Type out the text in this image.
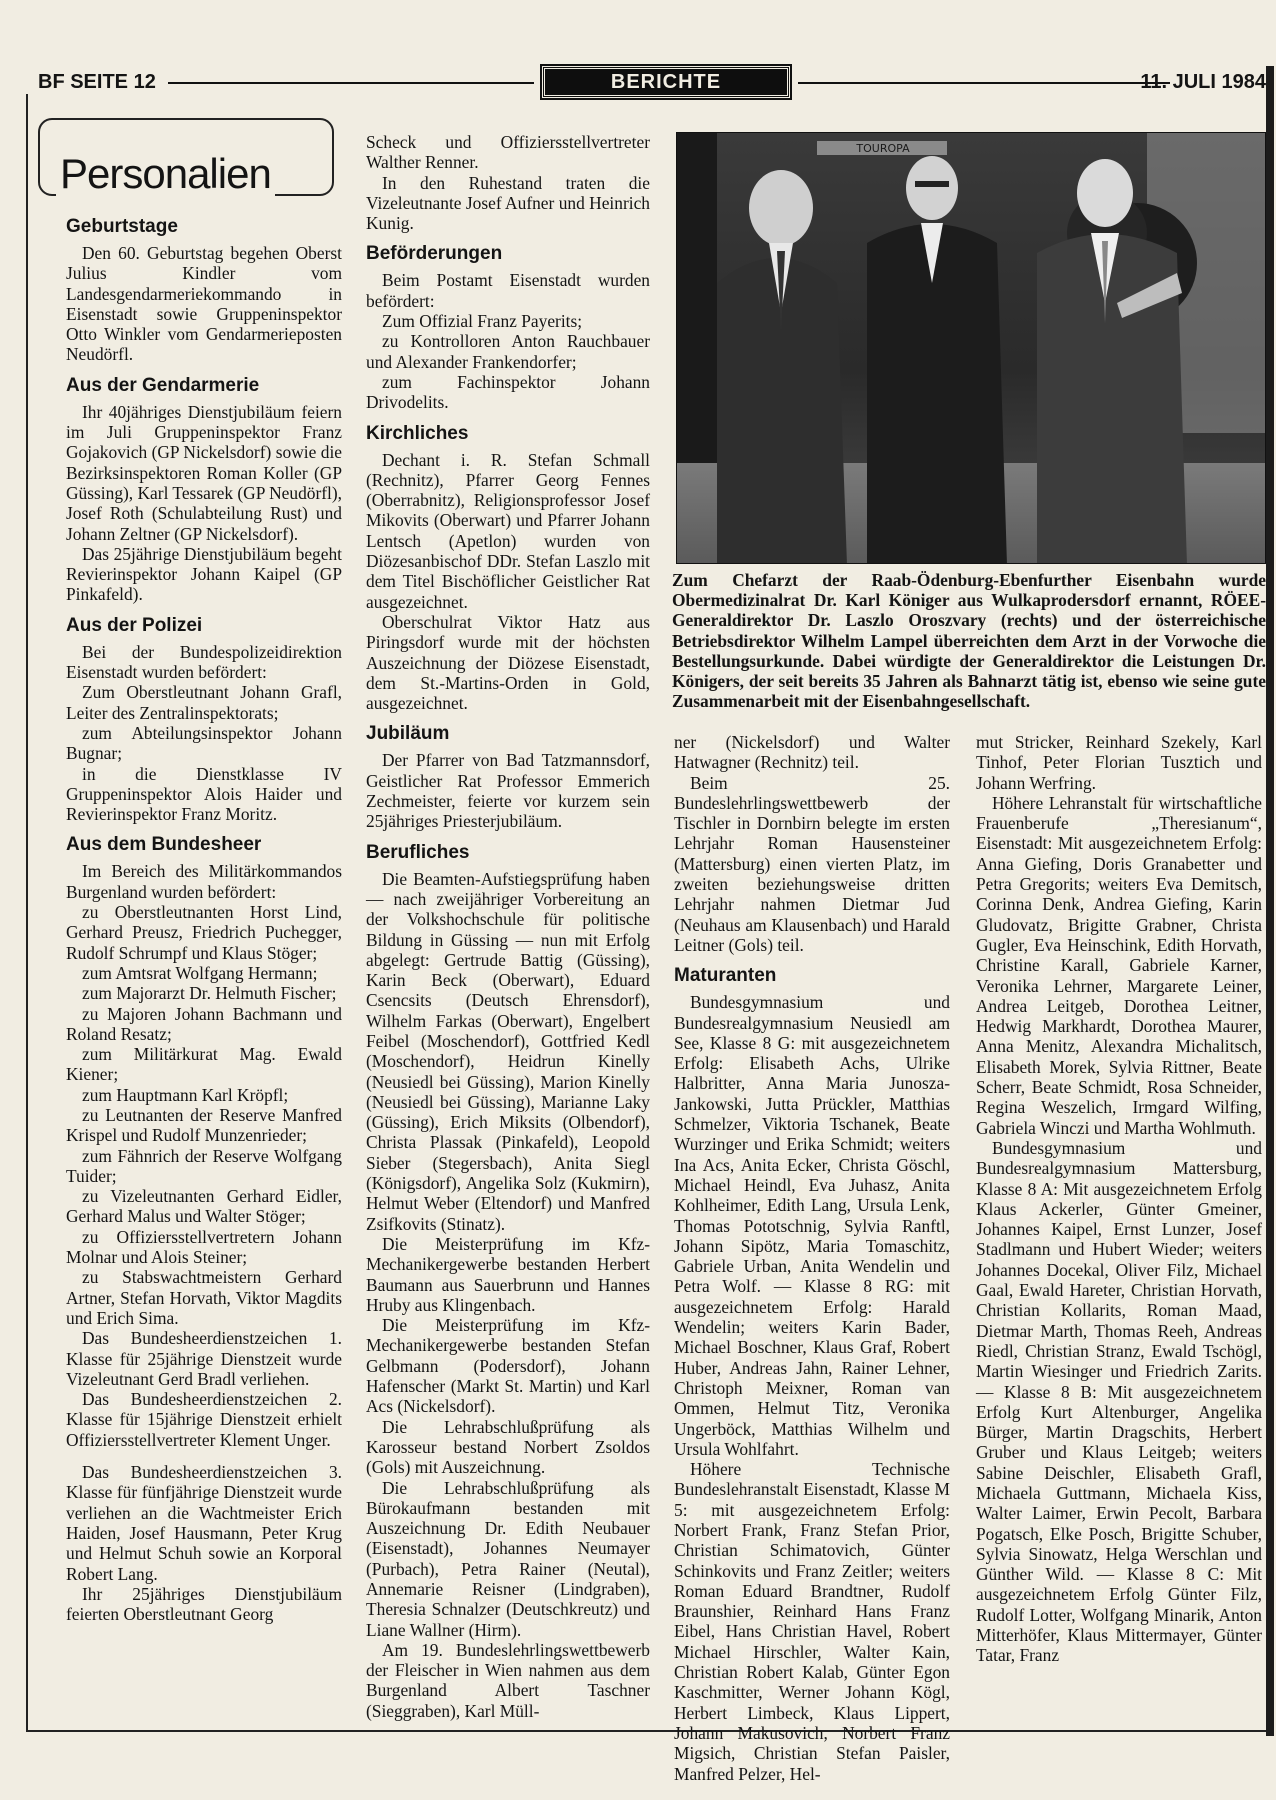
BF SEITE 12	BERICHTE	11. JULI 1984
Personalien
Geburtstage

Den 60. Geburtstag begehen Oberst Julius Kindler vom Landesgendarmeriekommando in Eisenstadt sowie Gruppeninspektor Otto Winkler vom Gendarmerieposten Neudörfl.

Aus der Gendarmerie

Ihr 40jähriges Dienstjubiläum feiern im Juli Gruppeninspektor Franz Gojakovich (GP Nickelsdorf) sowie die Bezirksinspektoren Roman Koller (GP Güssing), Karl Tessarek (GP Neudörfl), Josef Roth (Schulabteilung Rust) und Johann Zeltner (GP Nickelsdorf).

Das 25jährige Dienstjubiläum begeht Revierinspektor Johann Kaipel (GP Pinkafeld).

Aus der Polizei

Bei der Bundespolizeidirektion Eisenstadt wurden befördert:

Zum Oberstleutnant Johann Grafl, Leiter des Zentralinspektorats;

zum Abteilungsinspektor Johann Bugnar;

in die Dienstklasse IV Gruppeninspektor Alois Haider und Revierinspektor Franz Moritz.

Aus dem Bundesheer

Im Bereich des Militärkommandos Burgenland wurden befördert:

zu Oberstleutnanten Horst Lind, Gerhard Preusz, Friedrich Puchegger, Rudolf Schrumpf und Klaus Stöger;

zum Amtsrat Wolfgang Hermann;

zum Majorarzt Dr. Helmuth Fischer;

zu Majoren Johann Bachmann und Roland Resatz;

zum Militärkurat Mag. Ewald Kiener;

zum Hauptmann Karl Kröpfl;

zu Leutnanten der Reserve Manfred Krispel und Rudolf Munzenrieder;

zum Fähnrich der Reserve Wolfgang Tuider;

zu Vizeleutnanten Gerhard Eidler, Gerhard Malus und Walter Stöger;

zu Offiziersstellvertretern Johann Molnar und Alois Steiner;

zu Stabswachtmeistern Gerhard Artner, Stefan Horvath, Viktor Magdits und Erich Sima.

Das Bundesheerdienstzeichen 1. Klasse für 25jährige Dienstzeit wurde Vizeleutnant Gerd Bradl verliehen.

Das Bundesheerdienstzeichen 2. Klasse für 15jährige Dienstzeit erhielt Offiziersstellvertreter Klement Unger.

Das Bundesheerdienstzeichen 3. Klasse für fünfjährige Dienstzeit wurde verliehen an die Wachtmeister Erich Haiden, Josef Hausmann, Peter Krug und Helmut Schuh sowie an Korporal Robert Lang.

Ihr 25jähriges Dienstjubiläum feierten Oberstleutnant Georg

Scheck und Offiziersstellvertreter Walther Renner.

In den Ruhestand traten die Vizeleutnante Josef Aufner und Heinrich Kunig.

Beförderungen

Beim Postamt Eisenstadt wurden befördert:

Zum Offizial Franz Payerits;

zu Kontrolloren Anton Rauchbauer und Alexander Frankendorfer;

zum Fachinspektor Johann Drivodelits.

Kirchliches

Dechant i. R. Stefan Schmall (Rechnitz), Pfarrer Georg Fennes (Oberrabnitz), Religionsprofessor Josef Mikovits (Oberwart) und Pfarrer Johann Lentsch (Apetlon) wurden von Diözesanbischof DDr. Stefan Laszlo mit dem Titel Bischöflicher Geistlicher Rat ausgezeichnet.

Oberschulrat Viktor Hatz aus Piringsdorf wurde mit der höchsten Auszeichnung der Diözese Eisenstadt, dem St.-Martins-Orden in Gold, ausgezeichnet.

Jubiläum

Der Pfarrer von Bad Tatzmannsdorf, Geistlicher Rat Professor Emmerich Zechmeister, feierte vor kurzem sein 25jähriges Priesterjubiläum.

Berufliches

Die Beamten-Aufstiegsprüfung haben — nach zweijähriger Vorbereitung an der Volkshochschule für politische Bildung in Güssing — nun mit Erfolg abgelegt: Gertrude Battig (Güssing), Karin Beck (Oberwart), Eduard Csencsits (Deutsch Ehrensdorf), Wilhelm Farkas (Oberwart), Engelbert Feibel (Moschendorf), Gottfried Kedl (Moschendorf), Heidrun Kinelly (Neusiedl bei Güssing), Marion Kinelly (Neusiedl bei Güssing), Marianne Laky (Güssing), Erich Miksits (Olbendorf), Christa Plassak (Pinkafeld), Leopold Sieber (Stegersbach), Anita Siegl (Königsdorf), Angelika Solz (Kukmirn), Helmut Weber (Eltendorf) und Manfred Zsifkovits (Stinatz).

Die Meisterprüfung im Kfz-Mechanikergewerbe bestanden Herbert Baumann aus Sauerbrunn und Hannes Hruby aus Klingenbach.

Die Meisterprüfung im Kfz-Mechanikergewerbe bestanden Stefan Gelbmann (Podersdorf), Johann Hafenscher (Markt St. Martin) und Karl Acs (Nickelsdorf).

Die Lehrabschlußprüfung als Karosseur bestand Norbert Zsoldos (Gols) mit Auszeichnung.

Die Lehrabschlußprüfung als Bürokaufmann bestanden mit Auszeichnung Dr. Edith Neubauer (Eisenstadt), Johannes Neumayer (Purbach), Petra Rainer (Neutal), Annemarie Reisner (Lindgraben), Theresia Schnalzer (Deutschkreutz) und Liane Wallner (Hirm).

Am 19. Bundeslehrlingswettbewerb der Fleischer in Wien nahmen aus dem Burgenland Albert Taschner (Sieggraben), Karl Müll-

TOUROPA
Zum Chefarzt der Raab-Ödenburg-Ebenfurther Eisenbahn wurde Obermedizinalrat Dr. Karl Königer aus Wulkaprodersdorf ernannt, RÖEE-Generaldirektor Dr. Laszlo Oroszvary (rechts) und der österreichische Betriebsdirektor Wilhelm Lampel überreichten dem Arzt in der Vorwoche die Bestellungsurkunde. Dabei würdigte der Generaldirektor die Leistungen Dr. Königers, der seit bereits 35 Jahren als Bahnarzt tätig ist, ebenso wie seine gute Zusammenarbeit mit der Eisenbahngesellschaft.

ner (Nickelsdorf) und Walter Hatwagner (Rechnitz) teil.

Beim 25. Bundeslehrlingswettbewerb der Tischler in Dornbirn belegte im ersten Lehrjahr Roman Hausensteiner (Mattersburg) einen vierten Platz, im zweiten beziehungsweise dritten Lehrjahr nahmen Dietmar Jud (Neuhaus am Klausenbach) und Harald Leitner (Gols) teil.

Maturanten

Bundesgymnasium und Bundesrealgymnasium Neusiedl am See, Klasse 8 G: mit ausgezeichnetem Erfolg: Elisabeth Achs, Ulrike Halbritter, Anna Maria Junosza-Jankowski, Jutta Prückler, Matthias Schmelzer, Viktoria Tschanek, Beate Wurzinger und Erika Schmidt; weiters Ina Acs, Anita Ecker, Christa Göschl, Michael Heindl, Eva Juhasz, Anita Kohlheimer, Edith Lang, Ursula Lenk, Thomas Pototschnig, Sylvia Ranftl, Johann Sipötz, Maria Tomaschitz, Gabriele Urban, Anita Wendelin und Petra Wolf. — Klasse 8 RG: mit ausgezeichnetem Erfolg: Harald Wendelin; weiters Karin Bader, Michael Boschner, Klaus Graf, Robert Huber, Andreas Jahn, Rainer Lehner, Christoph Meixner, Roman van Ommen, Helmut Titz, Veronika Ungerböck, Matthias Wilhelm und Ursula Wohlfahrt.

Höhere Technische Bundeslehranstalt Eisenstadt, Klasse M 5: mit ausgezeichnetem Erfolg: Norbert Frank, Franz Stefan Prior, Christian Schimatovich, Günter Schinkovits und Franz Zeitler; weiters Roman Eduard Brandtner, Rudolf Braunshier, Reinhard Hans Franz Eibel, Hans Christian Havel, Robert Michael Hirschler, Walter Kain, Christian Robert Kalab, Günter Egon Kaschmitter, Werner Johann Kögl, Herbert Limbeck, Klaus Lippert, Johann Makusovich, Norbert Franz Migsich, Christian Stefan Paisler, Manfred Pelzer, Hel-

mut Stricker, Reinhard Szekely, Karl Tinhof, Peter Florian Tusztich und Johann Werfring.

Höhere Lehranstalt für wirtschaftliche Frauenberufe „Theresianum“, Eisenstadt: Mit ausgezeichnetem Erfolg: Anna Giefing, Doris Granabetter und Petra Gregorits; weiters Eva Demitsch, Corinna Denk, Andrea Giefing, Karin Gludovatz, Brigitte Grabner, Christa Gugler, Eva Heinschink, Edith Horvath, Christine Karall, Gabriele Karner, Veronika Lehrner, Margarete Leiner, Andrea Leitgeb, Dorothea Leitner, Hedwig Markhardt, Dorothea Maurer, Anna Menitz, Alexandra Michalitsch, Elisabeth Morek, Sylvia Rittner, Beate Scherr, Beate Schmidt, Rosa Schneider, Regina Weszelich, Irmgard Wilfing, Gabriela Winczi und Martha Wohlmuth.

Bundesgymnasium und Bundesrealgymnasium Mattersburg, Klasse 8 A: Mit ausgezeichnetem Erfolg Klaus Ackerler, Günter Gmeiner, Johannes Kaipel, Ernst Lunzer, Josef Stadlmann und Hubert Wieder; weiters Johannes Docekal, Oliver Filz, Michael Gaal, Ewald Hareter, Christian Horvath, Christian Kollarits, Roman Maad, Dietmar Marth, Thomas Reeh, Andreas Riedl, Christian Stranz, Ewald Tschögl, Martin Wiesinger und Friedrich Zarits. — Klasse 8 B: Mit ausgezeichnetem Erfolg Kurt Altenburger, Angelika Bürger, Martin Dragschits, Herbert Gruber und Klaus Leitgeb; weiters Sabine Deischler, Elisabeth Grafl, Michaela Guttmann, Michaela Kiss, Walter Laimer, Erwin Pecolt, Barbara Pogatsch, Elke Posch, Brigitte Schuber, Sylvia Sinowatz, Helga Werschlan und Günther Wild. — Klasse 8 C: Mit ausgezeichnetem Erfolg Günter Filz, Rudolf Lotter, Wolfgang Minarik, Anton Mitterhöfer, Klaus Mittermayer, Günter Tatar, Franz
